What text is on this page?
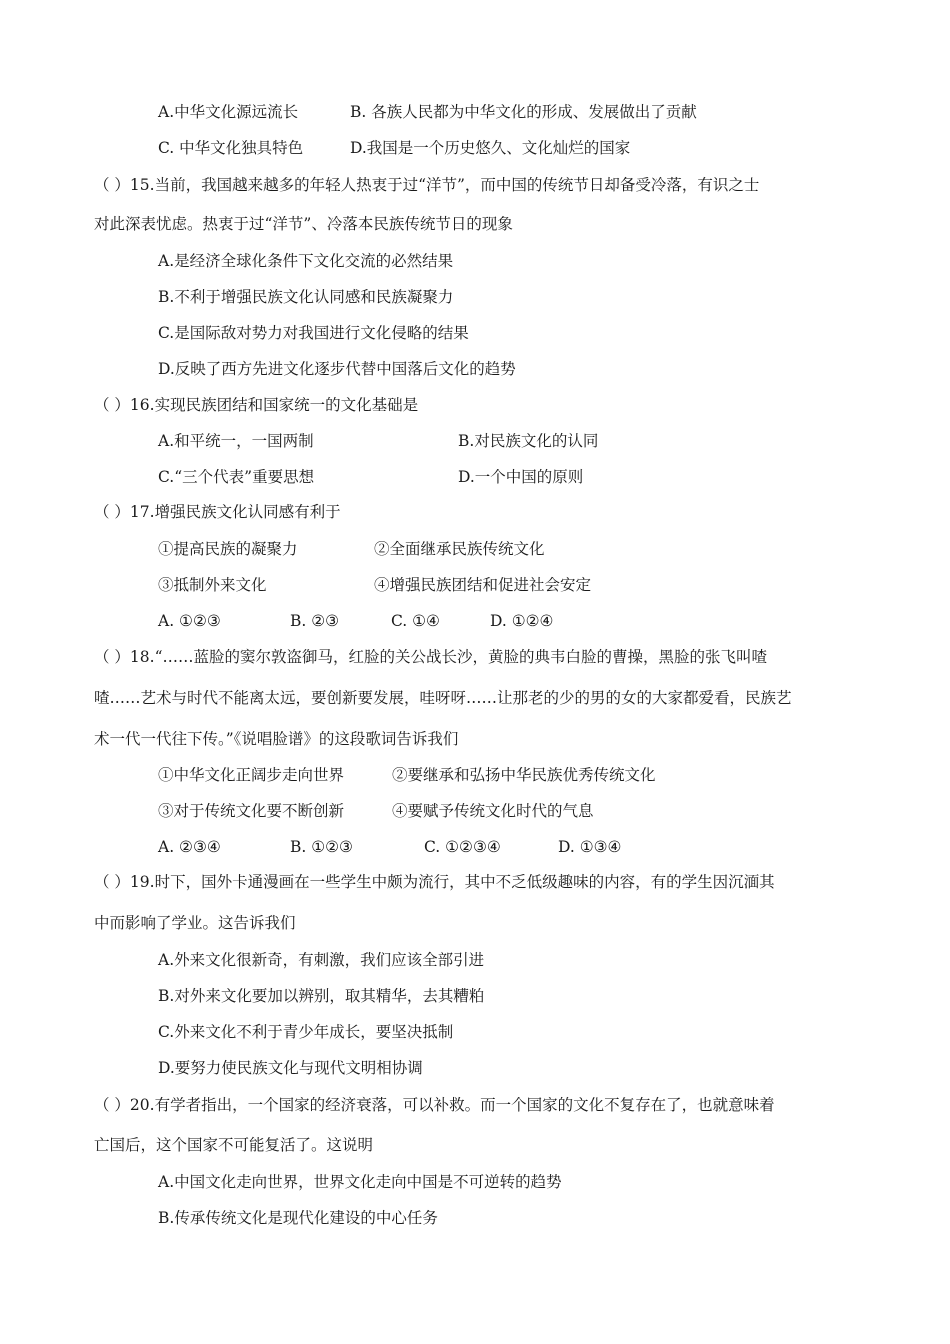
A.中华文化源远流长	B. 各族人民都为中华文化的形成、发展做出了贡献
C. 中华文化独具特色	D.我国是一个历史悠久、文化灿烂的国家
（ ）15.当前，我国越来越多的年轻人热衷于过“洋节”，而中国的传统节日却备受冷落，有识之士
对此深表忧虑。热衷于过“洋节”、冷落本民族传统节日的现象
A.是经济全球化条件下文化交流的必然结果
B.不利于增强民族文化认同感和民族凝聚力
C.是国际敌对势力对我国进行文化侵略的结果
D.反映了西方先进文化逐步代替中国落后文化的趋势
（ ）16.实现民族团结和国家统一的文化基础是
A.和平统一，一国两制	B.对民族文化的认同
C.“三个代表”重要思想	D.一个中国的原则
（ ）17.增强民族文化认同感有利于
①提高民族的凝聚力	②全面继承民族传统文化
③抵制外来文化	④增强民族团结和促进社会安定
A. ①②③	B. ②③	C. ①④	D. ①②④
（ ）18.“……蓝脸的窦尔敦盗御马，红脸的关公战长沙，黄脸的典韦白脸的曹操，黑脸的张飞叫喳
喳……艺术与时代不能离太远，要创新要发展，哇呀呀……让那老的少的男的女的大家都爱看，民族艺
术一代一代往下传。”《说唱脸谱》的这段歌词告诉我们
①中华文化正阔步走向世界	②要继承和弘扬中华民族优秀传统文化
③对于传统文化要不断创新	④要赋予传统文化时代的气息
A. ②③④	B. ①②③	C. ①②③④	D. ①③④
（ ）19.时下，国外卡通漫画在一些学生中颇为流行，其中不乏低级趣味的内容，有的学生因沉湎其
中而影响了学业。这告诉我们
A.外来文化很新奇，有刺激，我们应该全部引进
B.对外来文化要加以辨别，取其精华，去其糟粕
C.外来文化不利于青少年成长，要坚决抵制
D.要努力使民族文化与现代文明相协调
（ ）20.有学者指出，一个国家的经济衰落，可以补救。而一个国家的文化不复存在了，也就意味着
亡国后，这个国家不可能复活了。这说明
A.中国文化走向世界，世界文化走向中国是不可逆转的趋势
B.传承传统文化是现代化建设的中心任务
